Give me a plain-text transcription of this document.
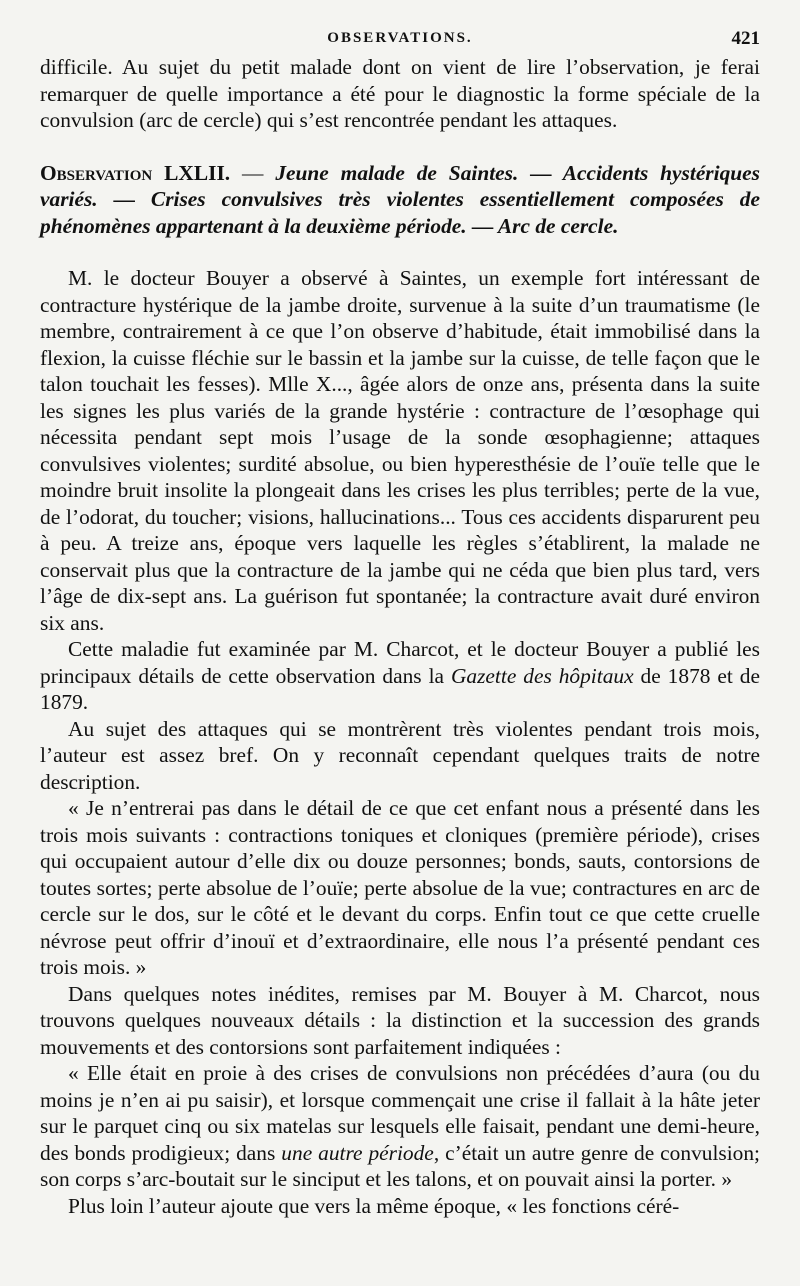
OBSERVATIONS.	421

difficile. Au sujet du petit malade dont on vient de lire l’observation, je ferai remarquer de quelle importance a été pour le diagnostic la forme spéciale de la convulsion (arc de cercle) qui s’est rencontrée pendant les attaques.

Observation LXLII. — Jeune malade de Saintes. — Accidents hystériques variés. — Crises convulsives très violentes essentiellement composées de phénomènes appartenant à la deuxième période. — Arc de cercle.

M. le docteur Bouyer a observé à Saintes, un exemple fort intéressant de contracture hystérique de la jambe droite, survenue à la suite d’un traumatisme (le membre, contrairement à ce que l’on observe d’habitude, était immobilisé dans la flexion, la cuisse fléchie sur le bassin et la jambe sur la cuisse, de telle façon que le talon touchait les fesses). Mlle X..., âgée alors de onze ans, présenta dans la suite les signes les plus variés de la grande hystérie : contracture de l’œsophage qui nécessita pendant sept mois l’usage de la sonde œsophagienne; attaques convulsives violentes; surdité absolue, ou bien hyperesthésie de l’ouïe telle que le moindre bruit insolite la plongeait dans les crises les plus terribles; perte de la vue, de l’odorat, du toucher; visions, hallucinations... Tous ces accidents disparurent peu à peu. A treize ans, époque vers laquelle les règles s’établirent, la malade ne conservait plus que la contracture de la jambe qui ne céda que bien plus tard, vers l’âge de dix-sept ans. La guérison fut spontanée; la contracture avait duré environ six ans.

Cette maladie fut examinée par M. Charcot, et le docteur Bouyer a publié les principaux détails de cette observation dans la Gazette des hôpitaux de 1878 et de 1879.

Au sujet des attaques qui se montrèrent très violentes pendant trois mois, l’auteur est assez bref. On y reconnaît cependant quelques traits de notre description.

« Je n’entrerai pas dans le détail de ce que cet enfant nous a présenté dans les trois mois suivants : contractions toniques et cloniques (première période), crises qui occupaient autour d’elle dix ou douze personnes; bonds, sauts, contorsions de toutes sortes; perte absolue de l’ouïe; perte absolue de la vue; contractures en arc de cercle sur le dos, sur le côté et le devant du corps. Enfin tout ce que cette cruelle névrose peut offrir d’inouï et d’extraordinaire, elle nous l’a présenté pendant ces trois mois. »

Dans quelques notes inédites, remises par M. Bouyer à M. Charcot, nous trouvons quelques nouveaux détails : la distinction et la succession des grands mouvements et des contorsions sont parfaitement indiquées :

« Elle était en proie à des crises de convulsions non précédées d’aura (ou du moins je n’en ai pu saisir), et lorsque commençait une crise il fallait à la hâte jeter sur le parquet cinq ou six matelas sur lesquels elle faisait, pendant une demi-heure, des bonds prodigieux; dans une autre période, c’était un autre genre de convulsion; son corps s’arc-boutait sur le sinciput et les talons, et on pouvait ainsi la porter. »

Plus loin l’auteur ajoute que vers la même époque, « les fonctions céré-
